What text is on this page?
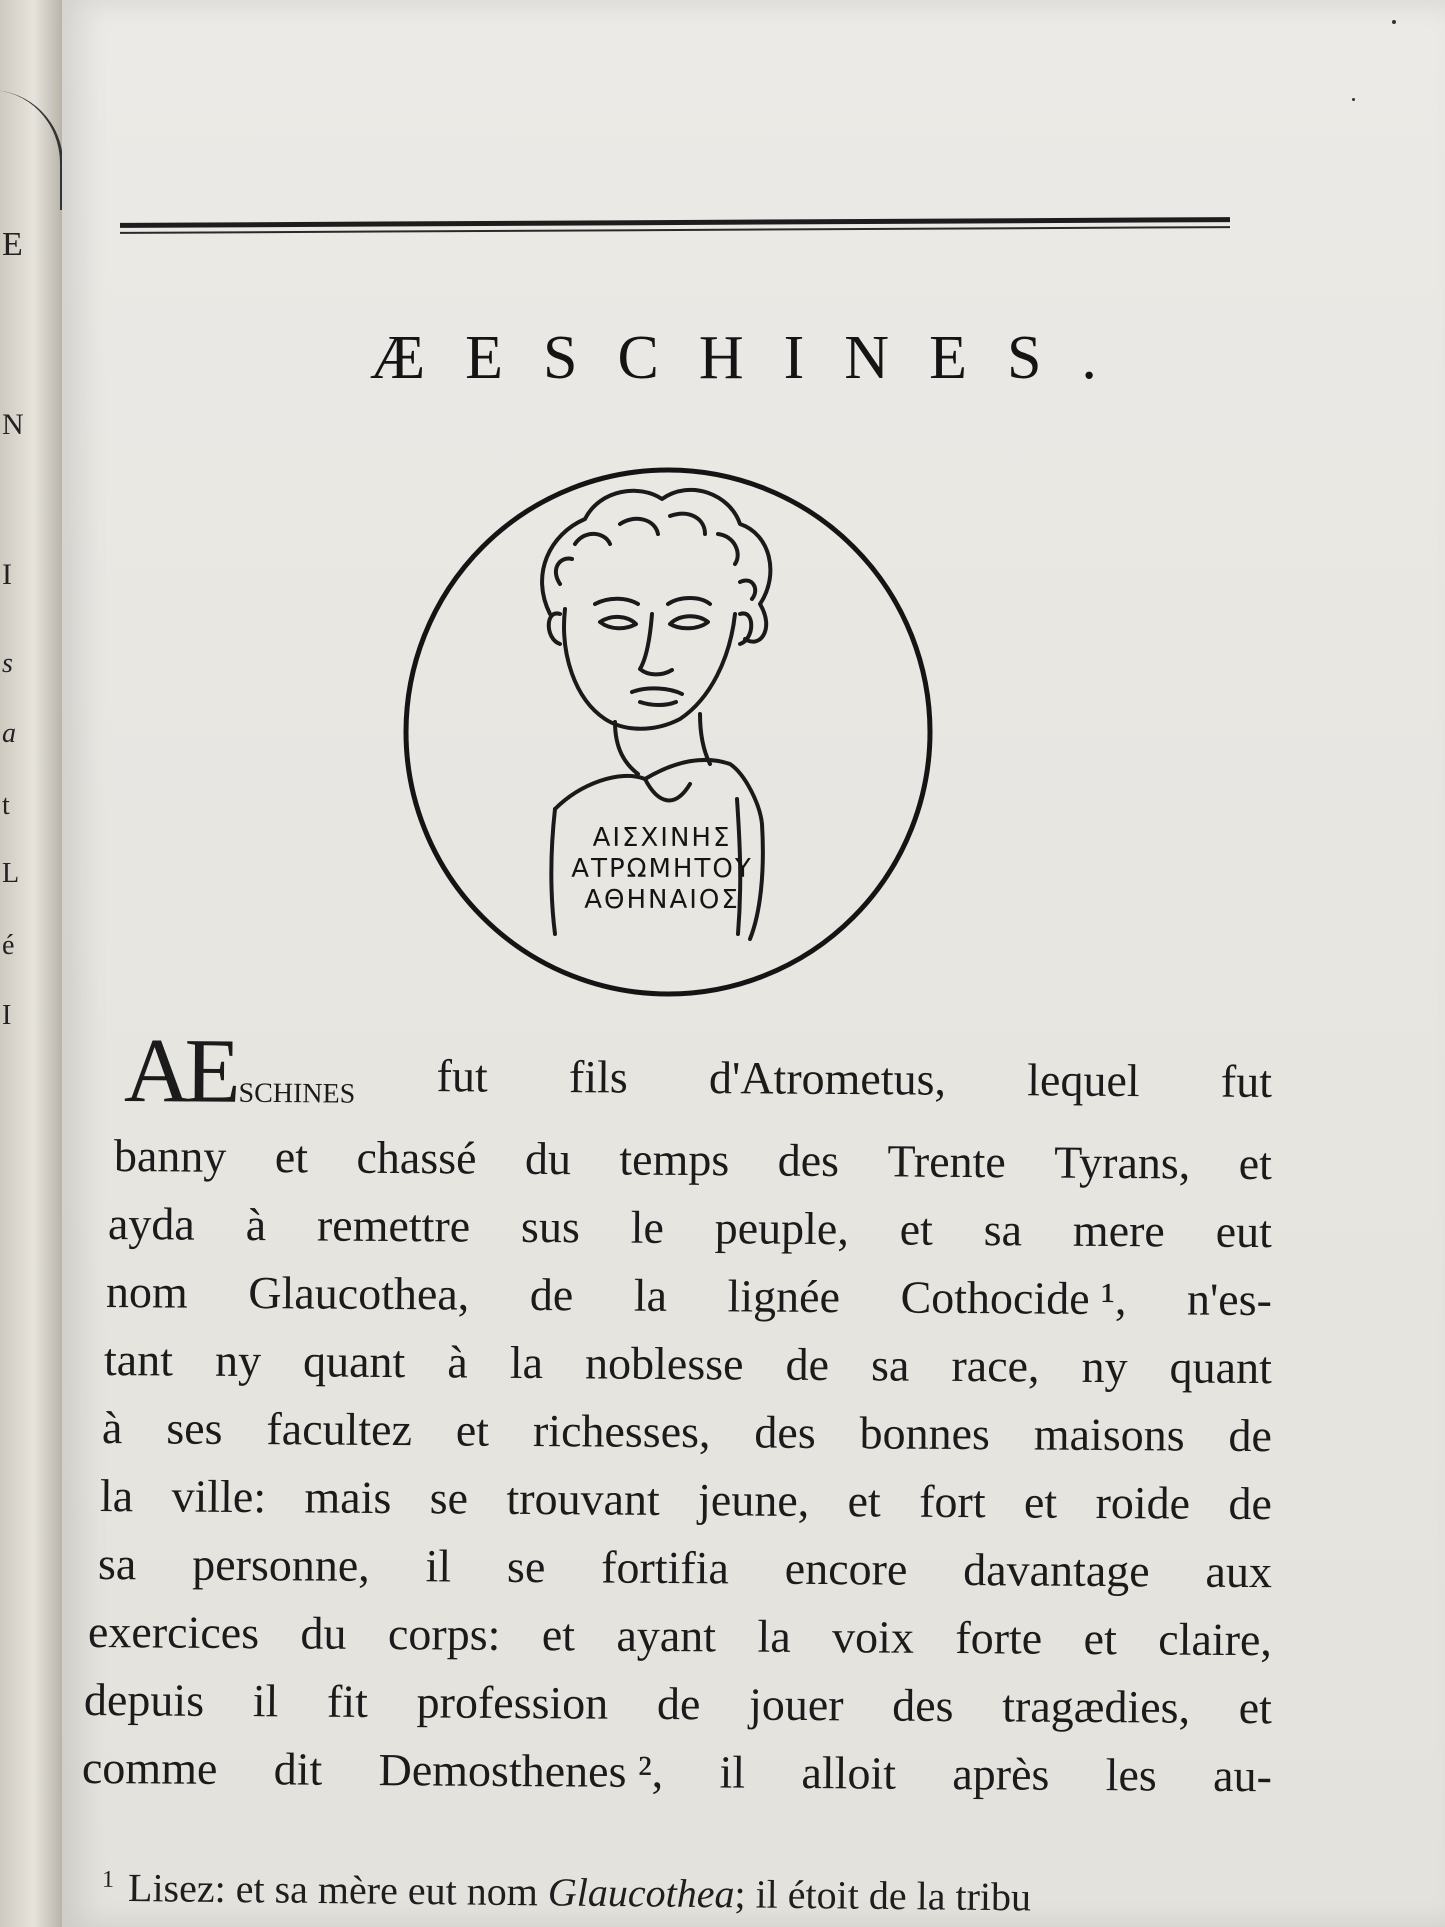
E
N
I
s
a
t
L
é
I
ÆESCHINES.
ΑΙΣΧΙΝΗΣ
ΑΤΡΩΜΗΤΟΥ
ΑΘΗΝΑΙΟΣ
AE schines fut fils d'Atrometus, lequel fut
banny et chassé du temps des Trente Tyrans, et
ayda à remettre sus le peuple, et sa mere eut
nom Glaucothea, de la lignée Cothocide ¹, n'es-
tant ny quant à la noblesse de sa race, ny quant
à ses facultez et richesses, des bonnes maisons de
la ville: mais se trouvant jeune, et fort et roide de
sa personne, il se fortifia encore davantage aux
exercices du corps: et ayant la voix forte et claire,
depuis il fit profession de jouer des tragædies, et
comme dit Demosthenes ², il alloit après les au-
$^1$ Lisez: et sa mère eut nom Glaucothea; il étoit de la tribu
